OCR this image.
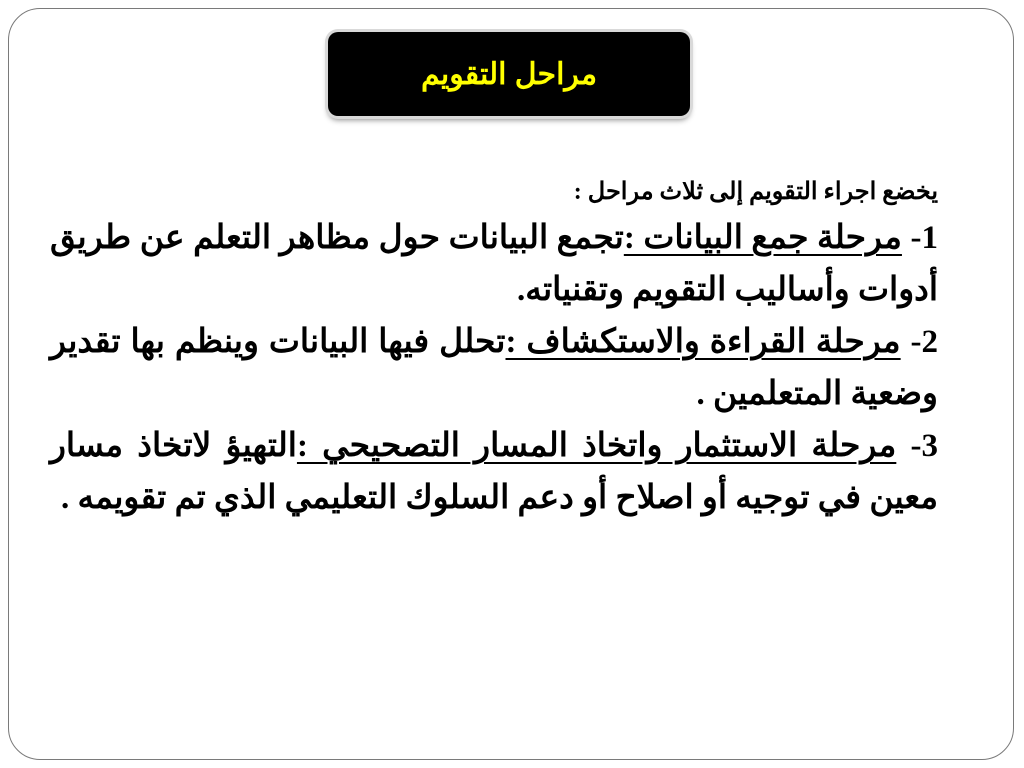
مراحل التقويم

يخضع اجراء التقويم إلى ثلاث مراحل :

1- مرحلة جمع البيانات :تجمع البيانات حول مظاهر التعلم عن طريق أدوات وأساليب التقويم وتقنياته.

2- مرحلة القراءة والاستكشاف :تحلل فيها البيانات وينظم بها تقدير وضعية المتعلمين .

3- مرحلة الاستثمار واتخاذ المسار التصحيحي :التهيؤ لاتخاذ مسار معين في توجيه أو اصلاح أو دعم السلوك التعليمي الذي تم تقويمه .
